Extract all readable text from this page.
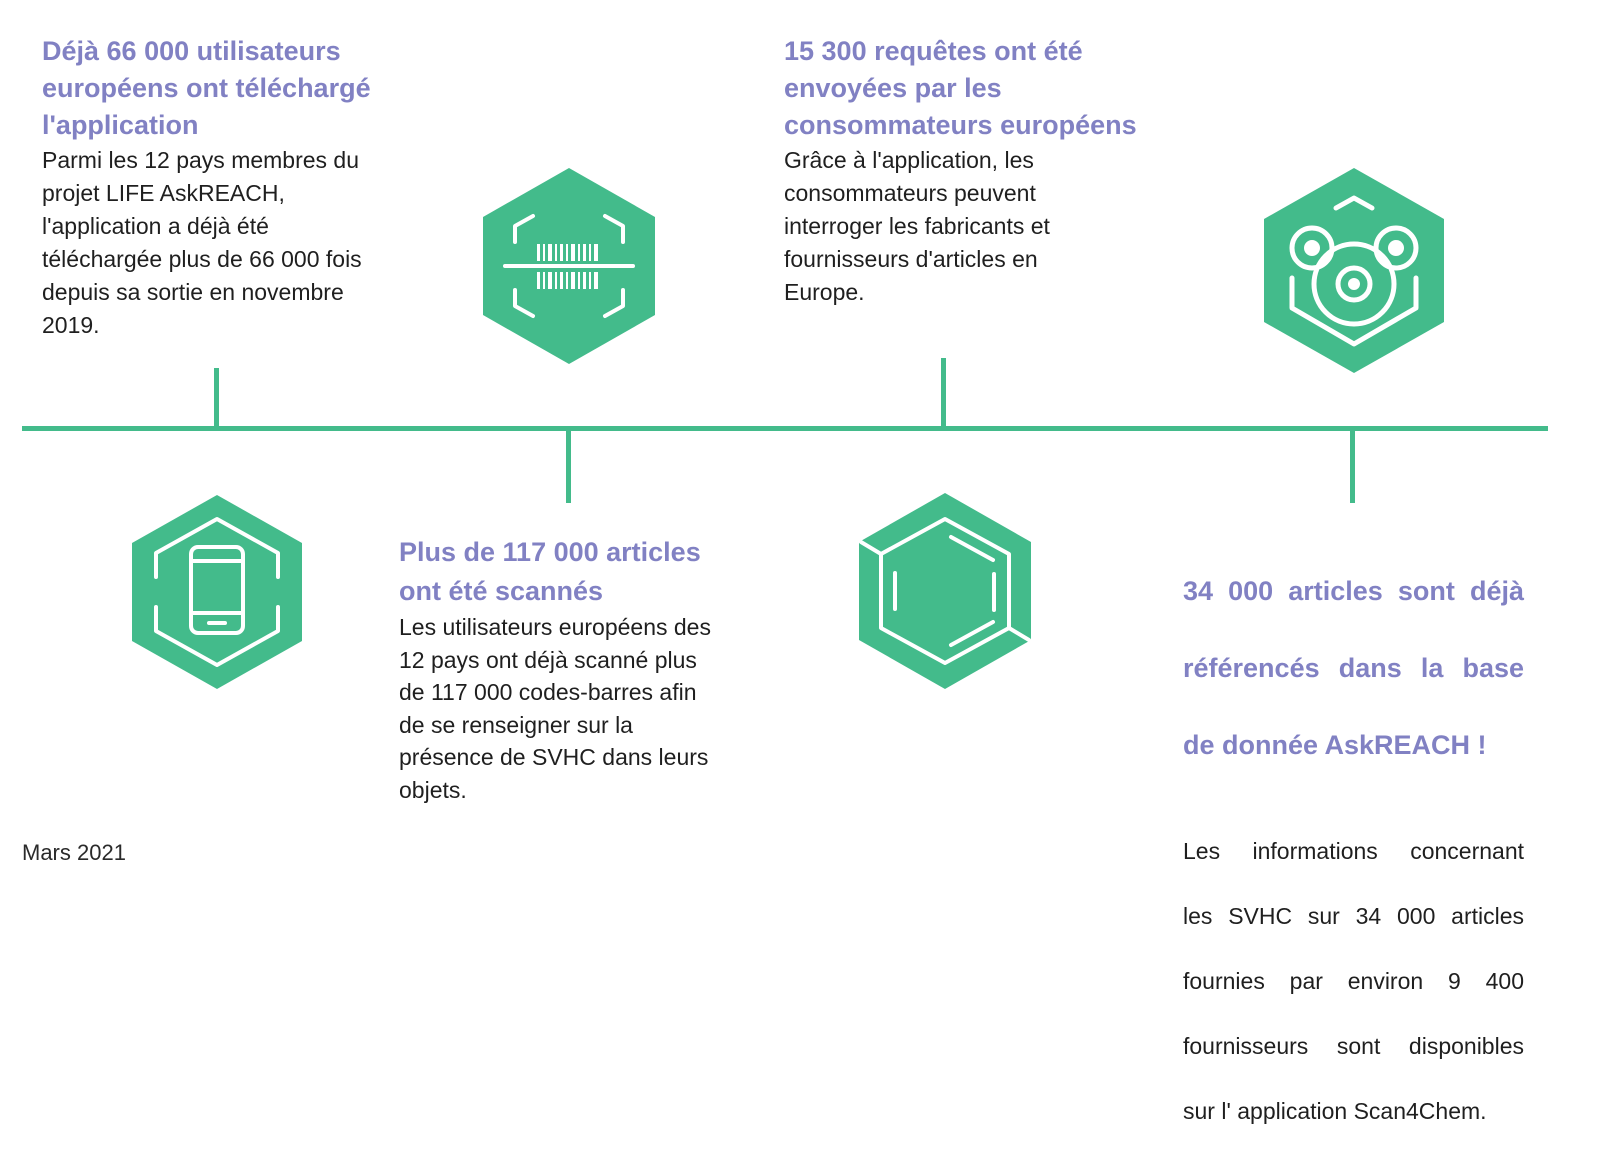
Déjà 66 000 utilisateurs
européens ont téléchargé
l'application

Parmi les 12 pays membres du
projet LIFE AskREACH,
l'application a déjà été
téléchargée plus de 66 000 fois
depuis sa sortie en novembre
2019.

Plus de 117 000 articles
ont été scannés

Les utilisateurs européens des
12 pays ont déjà scanné plus
de 117 000 codes-barres afin
de se renseigner sur la
présence de SVHC dans leurs
objets.

15 300 requêtes ont été
envoyées par les
consommateurs européens

Grâce à l'application, les
consommateurs peuvent
interroger les fabricants et
fournisseurs d'articles en
Europe.

34 000 articles sont déjà

référencés dans la base

de donnée AskREACH !

Les informations concernant

les SVHC sur 34 000 articles

fournies par environ 9 400

fournisseurs sont disponibles

sur l' application Scan4Chem.

Mars 2021
